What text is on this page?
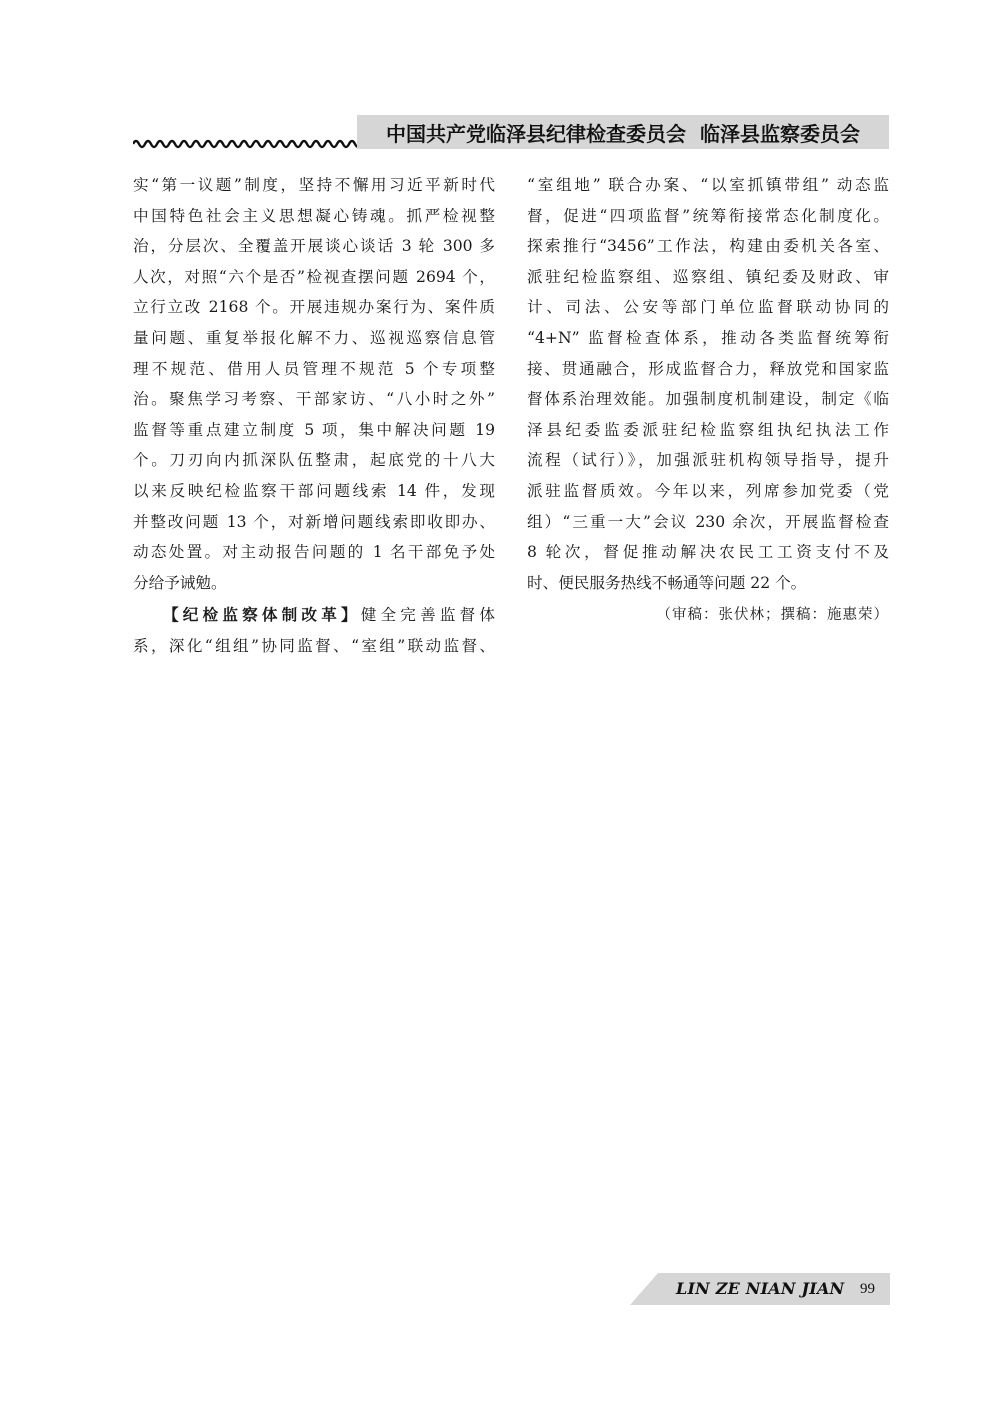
中国共产党临泽县纪律检查委员会  临泽县监察委员会
实“第一议题”制度，坚持不懈用习近平新时代
中国特色社会主义思想凝心铸魂。抓严检视整
治，分层次、全覆盖开展谈心谈话 3 轮 300 多
人次，对照“六个是否”检视查摆问题 2694 个，
立行立改 2168 个。开展违规办案行为、案件质
量问题、重复举报化解不力、巡视巡察信息管
理不规范、借用人员管理不规范 5 个专项整
治。聚焦学习考察、干部家访、“八小时之外”
监督等重点建立制度 5 项，集中解决问题 19
个。刀刃向内抓深队伍整肃，起底党的十八大
以来反映纪检监察干部问题线索 14 件，发现
并整改问题 13 个，对新增问题线索即收即办、
动态处置。对主动报告问题的 1 名干部免予处
分给予诫勉。
【纪检监察体制改革】健全完善监督体
系，深化“组组”协同监督、“室组”联动监督、
“室组地” 联合办案、“以室抓镇带组” 动态监
督，促进“四项监督”统筹衔接常态化制度化。
探索推行“3456”工作法，构建由委机关各室、
派驻纪检监察组、巡察组、镇纪委及财政、审
计、司法、公安等部门单位监督联动协同的
“4+N” 监督检查体系，推动各类监督统筹衔
接、贯通融合，形成监督合力，释放党和国家监
督体系治理效能。加强制度机制建设，制定《临
泽县纪委监委派驻纪检监察组执纪执法工作
流程（试行）》，加强派驻机构领导指导，提升
派驻监督质效。今年以来，列席参加党委（党
组）“三重一大”会议 230 余次，开展监督检查
8 轮次，督促推动解决农民工工资支付不及
时、便民服务热线不畅通等问题 22 个。
（审稿：张伏林；撰稿：施惠荣）
LIN ZE NIAN JIAN 99
